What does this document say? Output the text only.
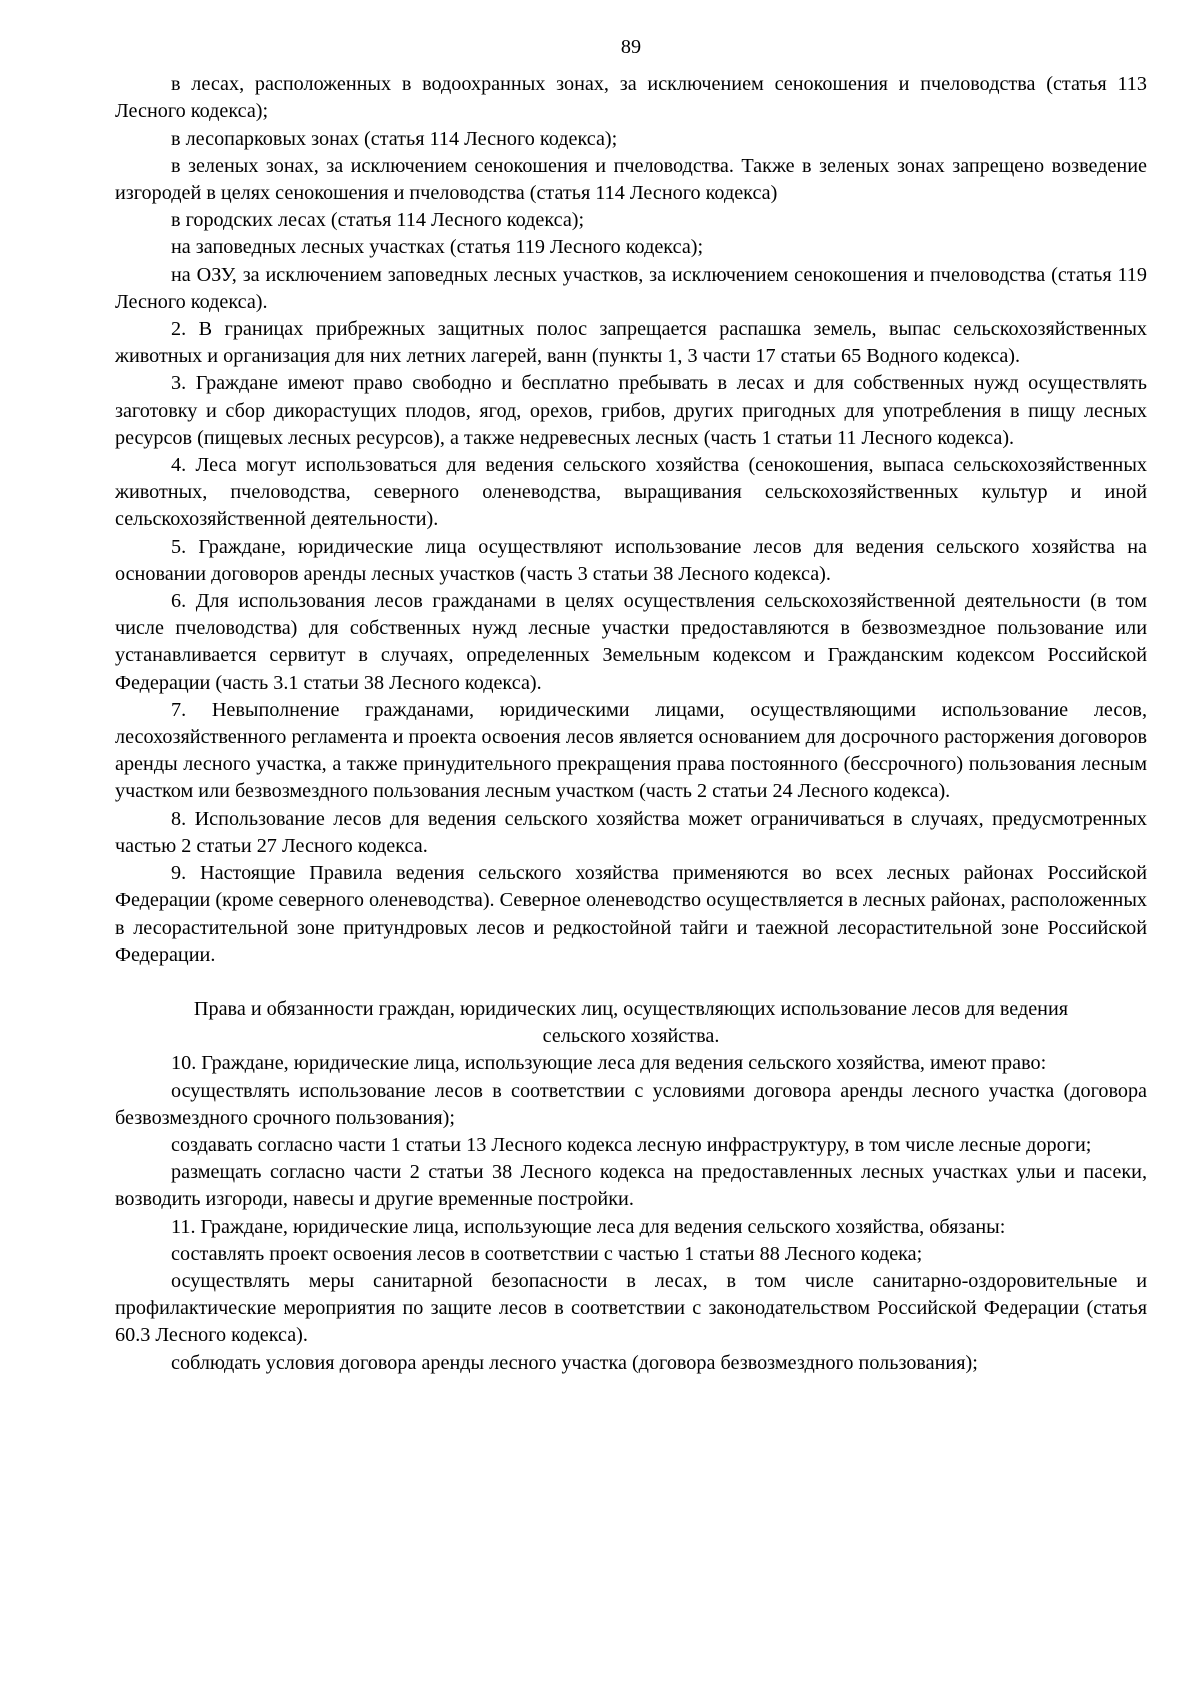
89

в лесах, расположенных в водоохранных зонах, за исключением сенокошения и пчеловодства (статья 113 Лесного кодекса);

в лесопарковых зонах (статья 114 Лесного кодекса);

в зеленых зонах, за исключением сенокошения и пчеловодства. Также в зеленых зонах запрещено возведение изгородей в целях сенокошения и пчеловодства (статья 114 Лесного кодекса)

в городских лесах (статья 114 Лесного кодекса);

на заповедных лесных участках (статья 119 Лесного кодекса);

на ОЗУ, за исключением заповедных лесных участков, за исключением сенокошения и пчеловодства (статья 119 Лесного кодекса).

2. В границах прибрежных защитных полос запрещается распашка земель, выпас сельскохозяйственных животных и организация для них летних лагерей, ванн (пункты 1, 3 части 17 статьи 65 Водного кодекса).

3. Граждане имеют право свободно и бесплатно пребывать в лесах и для собственных нужд осуществлять заготовку и сбор дикорастущих плодов, ягод, орехов, грибов, других пригодных для употребления в пищу лесных ресурсов (пищевых лесных ресурсов), а также недревесных лесных (часть 1 статьи 11 Лесного кодекса).

4. Леса могут использоваться для ведения сельского хозяйства (сенокошения, выпаса сельскохозяйственных животных, пчеловодства, северного оленеводства, выращивания сельскохозяйственных культур и иной сельскохозяйственной деятельности).

5. Граждане, юридические лица осуществляют использование лесов для ведения сельского хозяйства на основании договоров аренды лесных участков (часть 3 статьи 38 Лесного кодекса).

6. Для использования лесов гражданами в целях осуществления сельскохозяйственной деятельности (в том числе пчеловодства) для собственных нужд лесные участки предоставляются в безвозмездное пользование или устанавливается сервитут в случаях, определенных Земельным кодексом и Гражданским кодексом Российской Федерации (часть 3.1 статьи 38 Лесного кодекса).

7. Невыполнение гражданами, юридическими лицами, осуществляющими использование лесов, лесохозяйственного регламента и проекта освоения лесов является основанием для досрочного расторжения договоров аренды лесного участка, а также принудительного прекращения права постоянного (бессрочного) пользования лесным участком или безвозмездного пользования лесным участком (часть 2 статьи 24 Лесного кодекса).

8. Использование лесов для ведения сельского хозяйства может ограничиваться в случаях, предусмотренных частью 2 статьи 27 Лесного кодекса.

9. Настоящие Правила ведения сельского хозяйства применяются во всех лесных районах Российской Федерации (кроме северного оленеводства). Северное оленеводство осуществляется в лесных районах, расположенных в лесорастительной зоне притундровых лесов и редкостойной тайги и таежной лесорастительной зоне Российской Федерации.

Права и обязанности граждан, юридических лиц, осуществляющих использование лесов для ведения сельского хозяйства.

10. Граждане, юридические лица, использующие леса для ведения сельского хозяйства, имеют право:

осуществлять использование лесов в соответствии с условиями договора аренды лесного участка (договора безвозмездного срочного пользования);

создавать согласно части 1 статьи 13 Лесного кодекса лесную инфраструктуру, в том числе лесные дороги;

размещать согласно части 2 статьи 38 Лесного кодекса на предоставленных лесных участках ульи и пасеки, возводить изгороди, навесы и другие временные постройки.

11. Граждане, юридические лица, использующие леса для ведения сельского хозяйства, обязаны:

составлять проект освоения лесов в соответствии с частью 1 статьи 88 Лесного кодека;

осуществлять меры санитарной безопасности в лесах, в том числе санитарно-оздоровительные и профилактические мероприятия по защите лесов в соответствии с законодательством Российской Федерации (статья 60.3 Лесного кодекса).

соблюдать условия договора аренды лесного участка (договора безвозмездного пользования);
